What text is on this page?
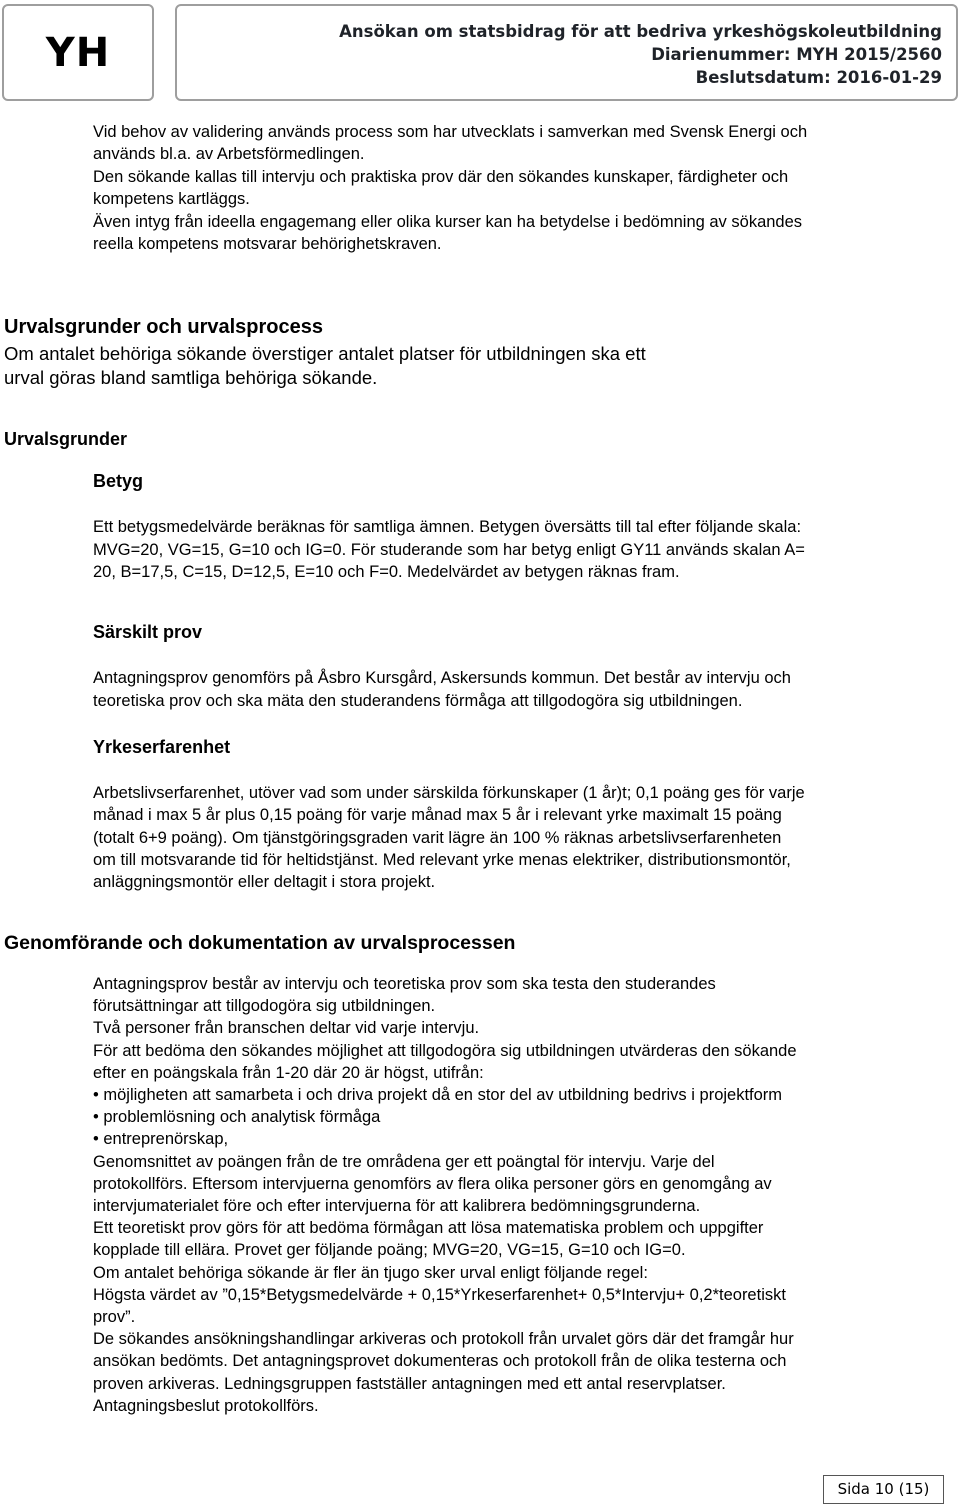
YH	Ansökan om statsbidrag för att bedriva yrkeshögskoleutbildning
Diarienummer: MYH 2015/2560
Beslutsdatum: 2016-01-29
Vid behov av validering används process som har utvecklats i samverkan med Svensk Energi och
används bl.a. av Arbetsförmedlingen.
Den sökande kallas till intervju och praktiska prov där den sökandes kunskaper, färdigheter och
kompetens kartläggs.
Även intyg från ideella engagemang eller olika kurser kan ha betydelse i bedömning av sökandes
reella kompetens motsvarar behörighetskraven.
Urvalsgrunder och urvalsprocess
Om antalet behöriga sökande överstiger antalet platser för utbildningen ska ett
urval göras bland samtliga behöriga sökande.
Urvalsgrunder
Betyg
Ett betygsmedelvärde beräknas för samtliga ämnen. Betygen översätts till tal efter följande skala:
MVG=20, VG=15, G=10 och IG=0. För studerande som har betyg enligt GY11 används skalan A=
20, B=17,5, C=15, D=12,5, E=10 och F=0. Medelvärdet av betygen räknas fram.
Särskilt prov
Antagningsprov genomförs på Åsbro Kursgård, Askersunds kommun. Det består av intervju och
teoretiska prov och ska mäta den studerandens förmåga att tillgodogöra sig utbildningen.
Yrkeserfarenhet
Arbetslivserfarenhet, utöver vad som under särskilda förkunskaper (1 år)t; 0,1 poäng ges för varje
månad i max 5 år plus 0,15 poäng för varje månad max 5 år i relevant yrke maximalt 15 poäng
(totalt 6+9 poäng). Om tjänstgöringsgraden varit lägre än 100 % räknas arbetslivserfarenheten
om till motsvarande tid för heltidstjänst. Med relevant yrke menas elektriker, distributionsmontör,
anläggningsmontör eller deltagit i stora projekt.
Genomförande och dokumentation av urvalsprocessen
Antagningsprov består av intervju och teoretiska prov som ska testa den studerandes
förutsättningar att tillgodogöra sig utbildningen.
Två personer från branschen deltar vid varje intervju.
För att bedöma den sökandes möjlighet att tillgodogöra sig utbildningen utvärderas den sökande
efter en poängskala från 1-20 där 20 är högst, utifrån:
• möjligheten att samarbeta i och driva projekt då en stor del av utbildning bedrivs i projektform
• problemlösning och analytisk förmåga
• entreprenörskap,
Genomsnittet av poängen från de tre områdena ger ett poängtal för intervju. Varje del
protokollförs. Eftersom intervjuerna genomförs av flera olika personer görs en genomgång av
intervjumaterialet före och efter intervjuerna för att kalibrera bedömningsgrunderna.
Ett teoretiskt prov görs för att bedöma förmågan att lösa matematiska problem och uppgifter
kopplade till ellära. Provet ger följande poäng; MVG=20, VG=15, G=10 och IG=0.
Om antalet behöriga sökande är fler än tjugo sker urval enligt följande regel:
Högsta värdet av ”0,15*Betygsmedelvärde + 0,15*Yrkeserfarenhet+ 0,5*Intervju+ 0,2*teoretiskt
prov”.
De sökandes ansökningshandlingar arkiveras och protokoll från urvalet görs där det framgår hur
ansökan bedömts. Det antagningsprovet dokumenteras och protokoll från de olika testerna och
proven arkiveras. Ledningsgruppen fastställer antagningen med ett antal reservplatser.
Antagningsbeslut protokollförs.
Sida 10 (15)
